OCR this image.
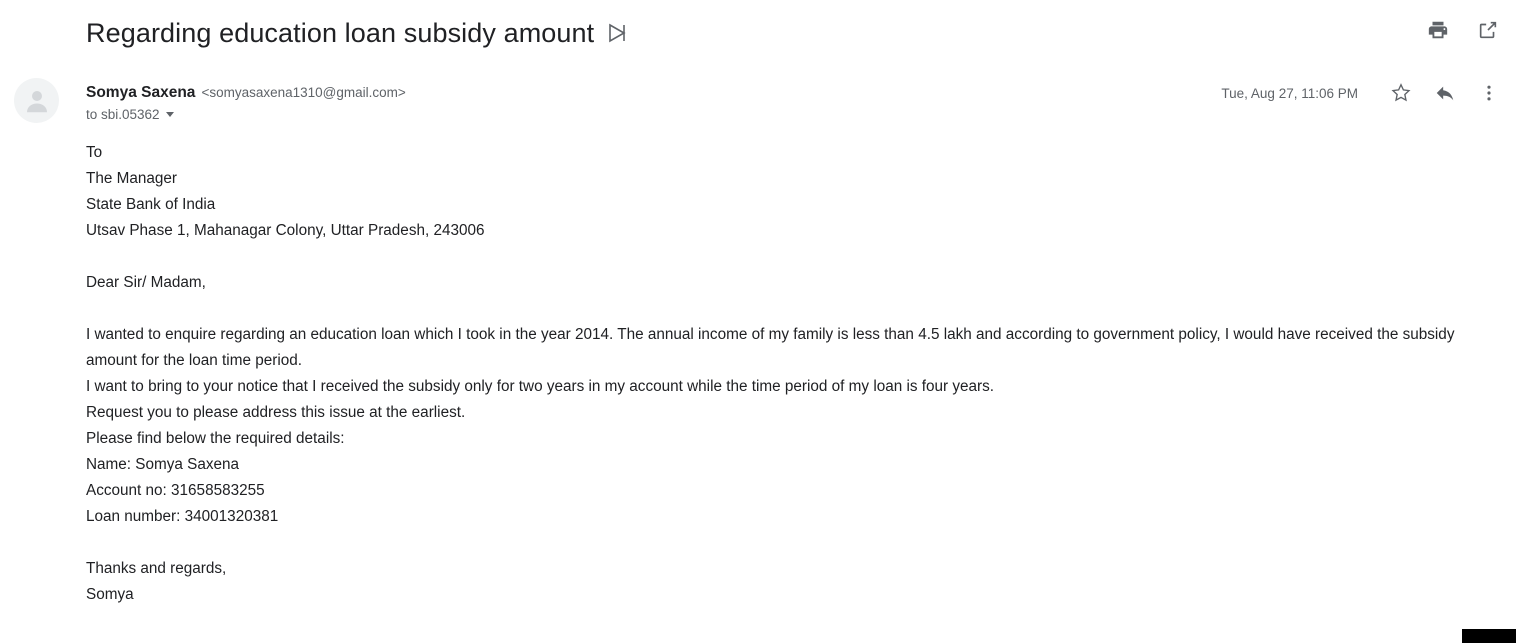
Regarding education loan subsidy amount
Somya Saxena <somyasaxena1310@gmail.com>
to sbi.05362
Tue, Aug 27, 11:06 PM

To

The Manager

State Bank of India

Utsav Phase 1, Mahanagar Colony, Uttar Pradesh, 243006

Dear Sir/ Madam,

I wanted to enquire regarding an education loan which I took in the year 2014. The annual income of my family is less than 4.5 lakh and according to government policy, I would have received the subsidy amount for the loan time period.

I want to bring to your notice that I received the subsidy only for two years in my account while the time period of my loan is four years.

Request you to please address this issue at the earliest.

Please find below the required details:

Name: Somya Saxena

Account no: 31658583255

Loan number: 34001320381

Thanks and regards,

Somya
